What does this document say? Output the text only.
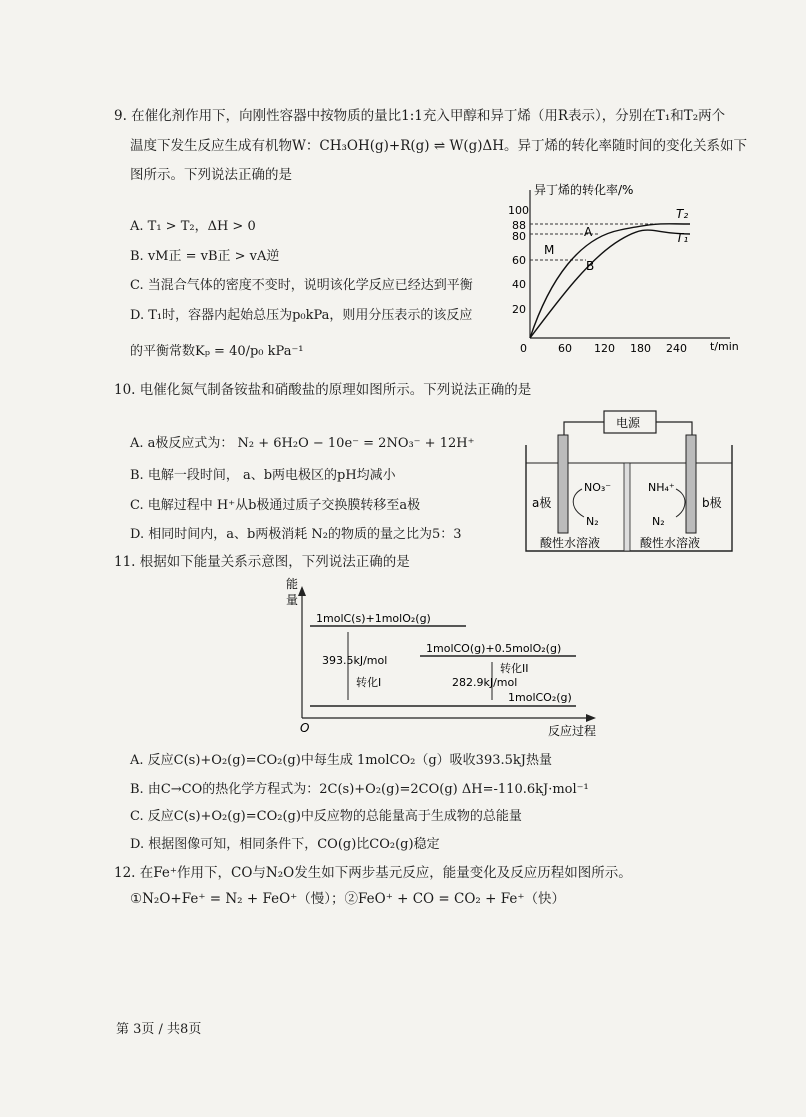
9. 在催化剂作用下，向刚性容器中按物质的量比1:1充入甲醇和异丁烯（用R表示），分别在T₁和T₂两个
温度下发生反应生成有机物W：CH₃OH(g)+R(g) ⇌ W(g)ΔH。异丁烯的转化率随时间的变化关系如下
图所示。下列说法正确的是
A. T₁ > T₂，ΔH > 0
B. vM正 = vB正 > vA逆
C. 当混合气体的密度不变时，说明该化学反应已经达到平衡
D. T₁时，容器内起始总压为p₀kPa，则用分压表示的该反应
的平衡常数Kₚ = 40/p₀ kPa⁻¹
异丁烯的转化率/%
t/min
100
88
80
60
40
20
0	60 120 180 240
T₂
T₁
A
M
B
10. 电催化氮气制备铵盐和硝酸盐的原理如图所示。下列说法正确的是
A. a极反应式为： N₂ + 6H₂O − 10e⁻ = 2NO₃⁻ + 12H⁺
B. 电解一段时间， a、b两电极区的pH均减小
C. 电解过程中 H⁺从b极通过质子交换膜转移至a极
D. 相同时间内，a、b两极消耗 N₂的物质的量之比为5：3
电源
a极	b极
NO₃⁻
N₂
NH₄⁺
N₂
酸性水溶液	酸性水溶液
11. 根据如下能量关系示意图，下列说法正确的是
能
量
O	反应过程
1molC(s)+1molO₂(g)
1molCO(g)+0.5molO₂(g)
1molCO₂(g)
393.5kJ/mol
转化I
转化II
282.9kJ/mol
A. 反应C(s)+O₂(g)=CO₂(g)中每生成 1molCO₂（g）吸收393.5kJ热量
B. 由C→CO的热化学方程式为：2C(s)+O₂(g)=2CO(g) ΔH=-110.6kJ·mol⁻¹
C. 反应C(s)+O₂(g)=CO₂(g)中反应物的总能量高于生成物的总能量
D. 根据图像可知，相同条件下，CO(g)比CO₂(g)稳定
12. 在Fe⁺作用下，CO与N₂O发生如下两步基元反应，能量变化及反应历程如图所示。
①N₂O+Fe⁺ = N₂ + FeO⁺（慢）；②FeO⁺ + CO = CO₂ + Fe⁺（快）
第 3页 / 共8页
